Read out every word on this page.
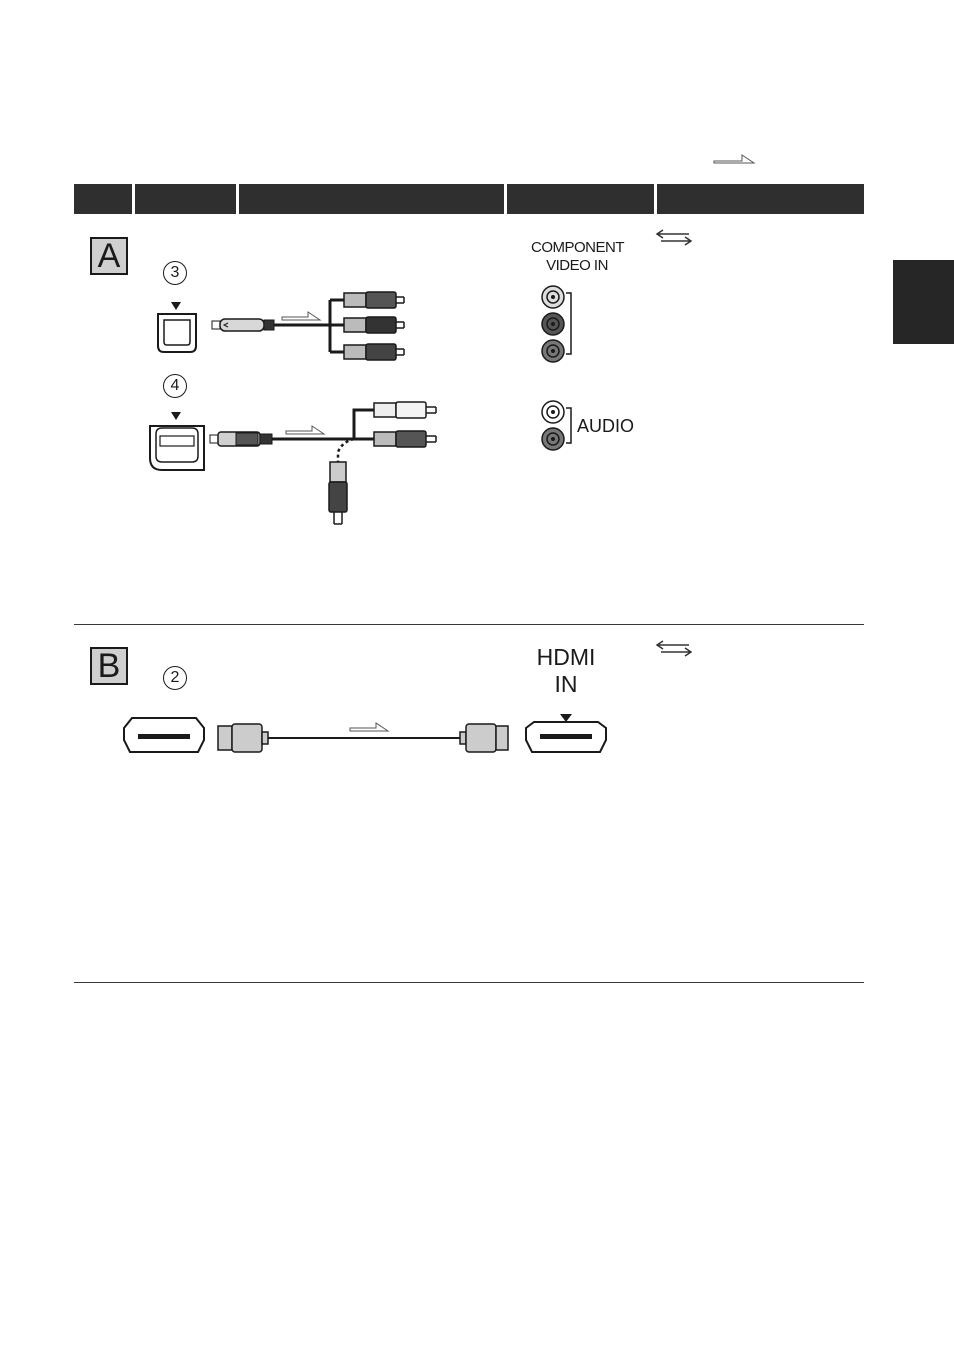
A	3
4
COMPONENT
VIDEO IN
AUDIO
B	2
HDMI
IN
